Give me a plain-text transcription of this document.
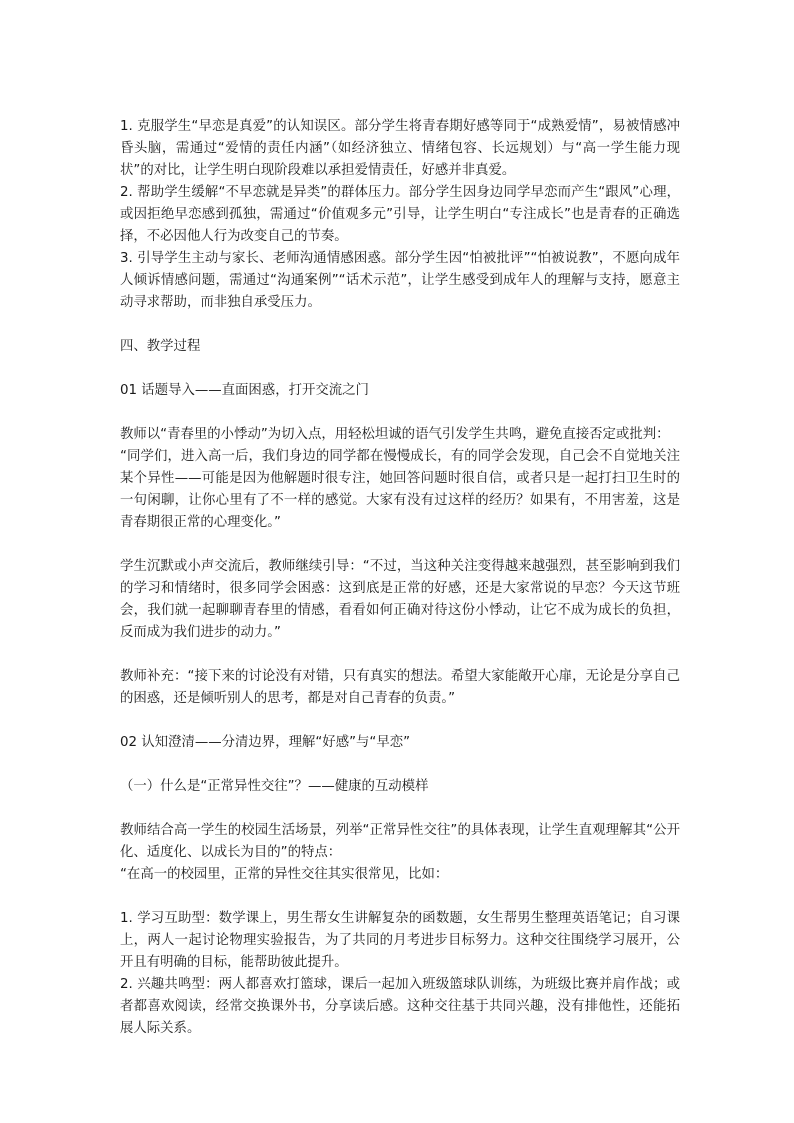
1. 克服学生“早恋是真爱”的认知误区。部分学生将青春期好感等同于“成熟爱情”，易被情感冲昏头脑，需通过“爱情的责任内涵”（如经济独立、情绪包容、长远规划）与“高一学生能力现状”的对比，让学生明白现阶段难以承担爱情责任，好感并非真爱。

2. 帮助学生缓解“不早恋就是异类”的群体压力。部分学生因身边同学早恋而产生“跟风”心理，或因拒绝早恋感到孤独，需通过“价值观多元”引导，让学生明白“专注成长”也是青春的正确选择，不必因他人行为改变自己的节奏。

3. 引导学生主动与家长、老师沟通情感困惑。部分学生因“怕被批评”“怕被说教”，不愿向成年人倾诉情感问题，需通过“沟通案例”“话术示范”，让学生感受到成年人的理解与支持，愿意主动寻求帮助，而非独自承受压力。

四、教学过程

01 话题导入——直面困惑，打开交流之门

教师以“青春里的小悸动”为切入点，用轻松坦诚的语气引发学生共鸣，避免直接否定或批判：

“同学们，进入高一后，我们身边的同学都在慢慢成长，有的同学会发现，自己会不自觉地关注某个异性——可能是因为他解题时很专注，她回答问题时很自信，或者只是一起打扫卫生时的一句闲聊，让你心里有了不一样的感觉。大家有没有过这样的经历？如果有，不用害羞，这是青春期很正常的心理变化。”

学生沉默或小声交流后，教师继续引导：“不过，当这种关注变得越来越强烈，甚至影响到我们的学习和情绪时，很多同学会困惑：这到底是正常的好感，还是大家常说的早恋？今天这节班会，我们就一起聊聊青春里的情感，看看如何正确对待这份小悸动，让它不成为成长的负担，反而成为我们进步的动力。”

教师补充：“接下来的讨论没有对错，只有真实的想法。希望大家能敞开心扉，无论是分享自己的困惑，还是倾听别人的思考，都是对自己青春的负责。”

02 认知澄清——分清边界，理解“好感”与“早恋”

（一）什么是“正常异性交往”？——健康的互动模样

教师结合高一学生的校园生活场景，列举“正常异性交往”的具体表现，让学生直观理解其“公开化、适度化、以成长为目的”的特点：

“在高一的校园里，正常的异性交往其实很常见，比如：

1. 学习互助型：数学课上，男生帮女生讲解复杂的函数题，女生帮男生整理英语笔记；自习课上，两人一起讨论物理实验报告，为了共同的月考进步目标努力。这种交往围绕学习展开，公开且有明确的目标，能帮助彼此提升。

2. 兴趣共鸣型：两人都喜欢打篮球，课后一起加入班级篮球队训练，为班级比赛并肩作战；或者都喜欢阅读，经常交换课外书，分享读后感。这种交往基于共同兴趣，没有排他性，还能拓展人际关系。
